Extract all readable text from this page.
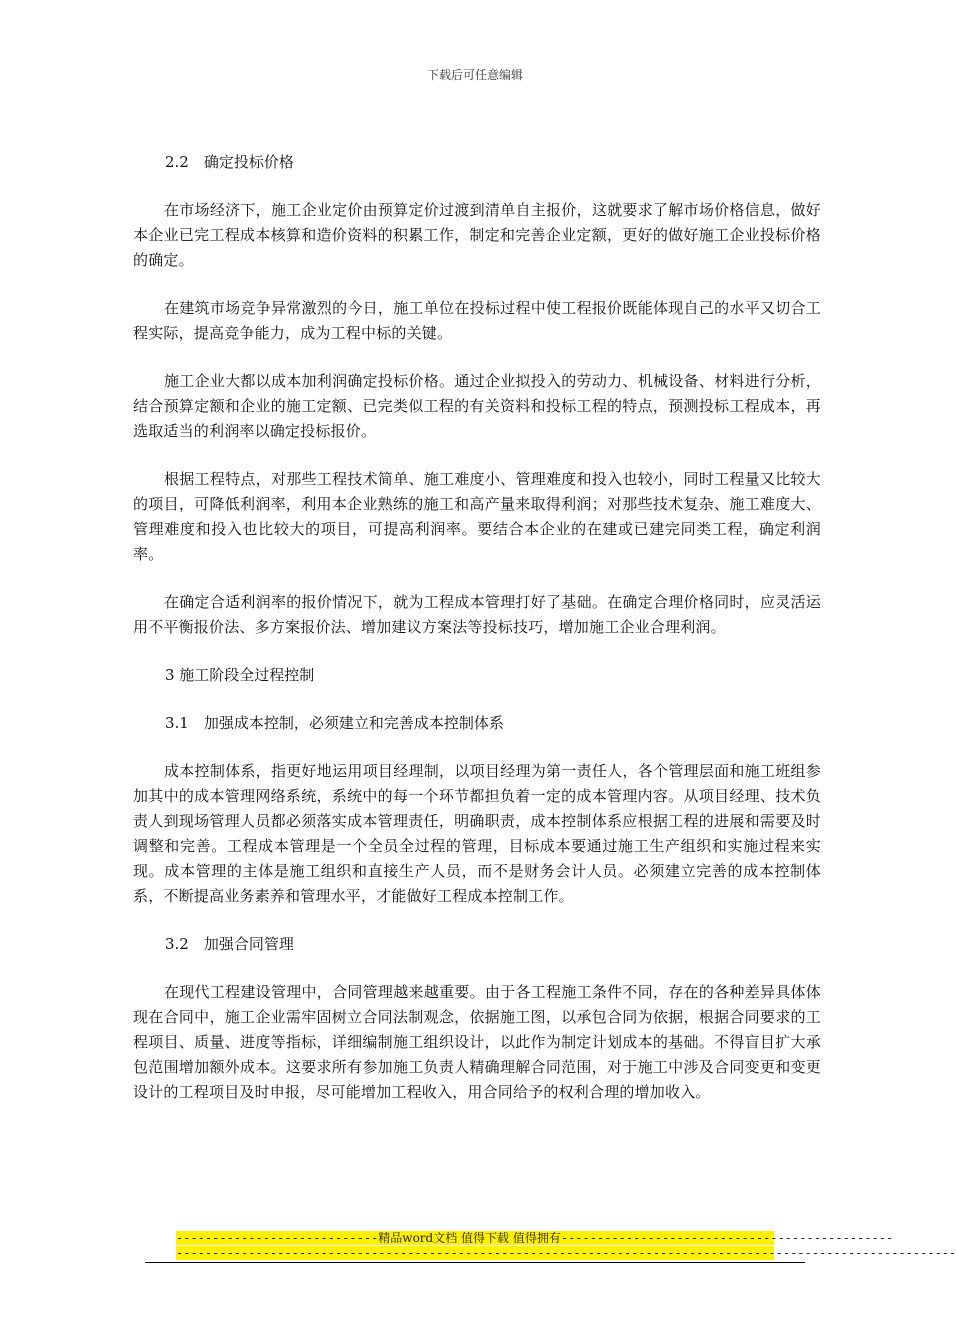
下载后可任意编辑
2.2　确定投标价格

在市场经济下，施工企业定价由预算定价过渡到清单自主报价，这就要求了解市场价格信息，做好本企业已完工程成本核算和造价资料的积累工作，制定和完善企业定额，更好的做好施工企业投标价格的确定。

在建筑市场竞争异常激烈的今日，施工单位在投标过程中使工程报价既能体现自己的水平又切合工程实际，提高竞争能力，成为工程中标的关键。

施工企业大都以成本加利润确定投标价格。通过企业拟投入的劳动力、机械设备、材料进行分析，结合预算定额和企业的施工定额、已完类似工程的有关资料和投标工程的特点，预测投标工程成本，再选取适当的利润率以确定投标报价。

根据工程特点，对那些工程技术简单、施工难度小、管理难度和投入也较小，同时工程量又比较大的项目，可降低利润率，利用本企业熟练的施工和高产量来取得利润；对那些技术复杂、施工难度大、管理难度和投入也比较大的项目，可提高利润率。要结合本企业的在建或已建完同类工程，确定利润率。

在确定合适利润率的报价情况下，就为工程成本管理打好了基础。在确定合理价格同时，应灵活运用不平衡报价法、多方案报价法、增加建议方案法等投标技巧，增加施工企业合理利润。

3 施工阶段全过程控制
3.1　加强成本控制，必须建立和完善成本控制体系

成本控制体系，指更好地运用项目经理制，以项目经理为第一责任人，各个管理层面和施工班组参加其中的成本管理网络系统，系统中的每一个环节都担负着一定的成本管理内容。从项目经理、技术负责人到现场管理人员都必须落实成本管理责任，明确职责，成本控制体系应根据工程的进展和需要及时调整和完善。工程成本管理是一个全员全过程的管理，目标成本要通过施工生产组织和实施过程来实现。成本管理的主体是施工组织和直接生产人员，而不是财务会计人员。必须建立完善的成本控制体系，不断提高业务素养和管理水平，才能做好工程成本控制工作。

3.2　加强合同管理

在现代工程建设管理中，合同管理越来越重要。由于各工程施工条件不同，存在的各种差异具体体现在合同中，施工企业需牢固树立合同法制观念，依据施工图，以承包合同为依据，根据合同要求的工程项目、质量、进度等指标，详细编制施工组织设计，以此作为制定计划成本的基础。不得盲目扩大承包范围增加额外成本。这要求所有参加施工负责人精确理解合同范围，对于施工中涉及合同变更和变更设计的工程项目及时申报，尽可能增加工程收入，用合同给予的权利合理的增加收入。

----------------------------精品word文档 值得下载 值得拥有----------------------------------------------
------------------------------------------------------------------------------------------------------------
